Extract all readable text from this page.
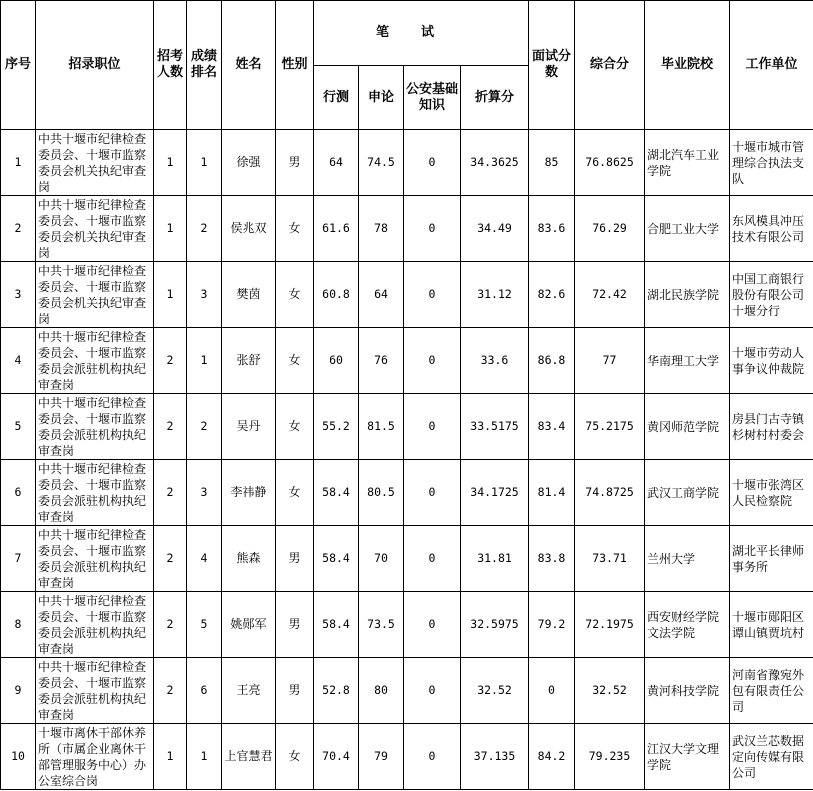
序号	招录职位	招考人数	成绩排名	姓名	性别	笔试				面试分数	综合分	毕业院校	工作单位
						行测	申论	公安基础知识	折算分				
1	中共十堰市纪律检查委员会、十堰市监察委员会机关执纪审查岗	1	1	徐强	男	64	74.5	0	34.3625	85	76.8625	湖北汽车工业学院	十堰市城市管理综合执法支队
2	中共十堰市纪律检查委员会、十堰市监察委员会机关执纪审查岗	1	2	侯兆双	女	61.6	78	0	34.49	83.6	76.29	合肥工业大学	东风模具冲压技术有限公司
3	中共十堰市纪律检查委员会、十堰市监察委员会机关执纪审查岗	1	3	樊茵	女	60.8	64	0	31.12	82.6	72.42	湖北民族学院	中国工商银行股份有限公司十堰分行
4	中共十堰市纪律检查委员会、十堰市监察委员会派驻机构执纪审查岗	2	1	张舒	女	60	76	0	33.6	86.8	77	华南理工大学	十堰市劳动人事争议仲裁院
5	中共十堰市纪律检查委员会、十堰市监察委员会派驻机构执纪审查岗	2	2	吴丹	女	55.2	81.5	0	33.5175	83.4	75.2175	黄冈师范学院	房县门古寺镇杉树村村委会
6	中共十堰市纪律检查委员会、十堰市监察委员会派驻机构执纪审查岗	2	3	李祎静	女	58.4	80.5	0	34.1725	81.4	74.8725	武汉工商学院	十堰市张湾区人民检察院
7	中共十堰市纪律检查委员会、十堰市监察委员会派驻机构执纪审查岗	2	4	熊森	男	58.4	70	0	31.81	83.8	73.71	兰州大学	湖北平长律师事务所
8	中共十堰市纪律检查委员会、十堰市监察委员会派驻机构执纪审查岗	2	5	姚郧军	男	58.4	73.5	0	32.5975	79.2	72.1975	西安财经学院文法学院	十堰市郧阳区谭山镇贾坑村
9	中共十堰市纪律检查委员会、十堰市监察委员会派驻机构执纪审查岗	2	6	王亮	男	52.8	80	0	32.52	0	32.52	黄河科技学院	河南省豫宛外包有限责任公司
10	十堰市离休干部休养所（市属企业离休干部管理服务中心）办公室综合岗	1	1	上官慧君	女	70.4	79	0	37.135	84.2	79.235	江汉大学文理学院	武汉兰芯数据定向传媒有限公司
